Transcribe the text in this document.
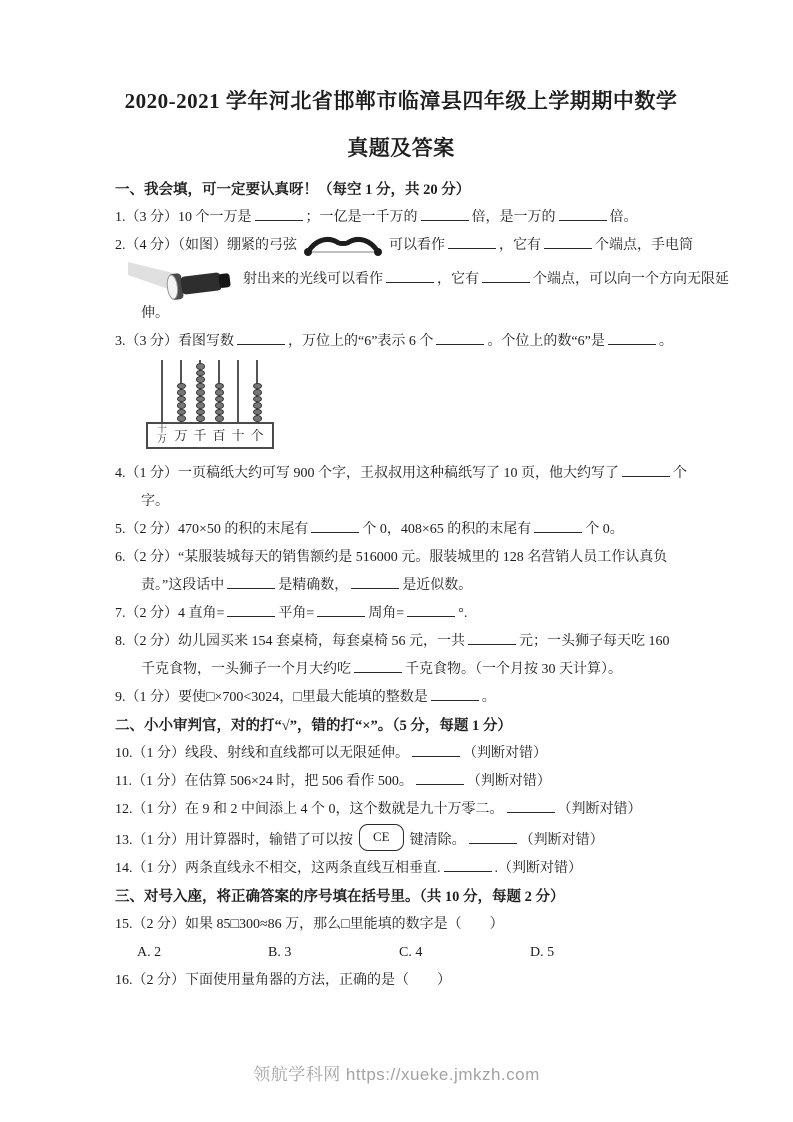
2020-2021 学年河北省邯郸市临漳县四年级上学期期中数学
真题及答案
一、我会填，可一定要认真呀！（每空 1 分，共 20 分）
1.（3 分）10 个一万是	；一亿是一千万的	倍，是一万的	倍。
2.（4 分）（如图）绷紧的弓弦	可以看作	，它有	个端点，手电筒
射出来的光线可以看作	，它有	个端点，可以向一个方向无限延
伸。
3.（3 分）看图写数	，万位上的“6”表示 6 个	。个位上的数“6”是	。
十
万 万 千 百 十 个
4.（1 分）一页稿纸大约可写 900 个字，王叔叔用这种稿纸写了 10 页，他大约写了	个
字。
5.（2 分）470×50 的积的末尾有	个 0，408×65 的积的末尾有	个 0。
6.（2 分）“某服装城每天的销售额约是 516000 元。服装城里的 128 名营销人员工作认真负
责。”这段话中	是精确数，	是近似数。
7.（2 分）4 直角=	平角=	周角=	°.
8.（2 分）幼儿园买来 154 套桌椅，每套桌椅 56 元，一共	元；一头狮子每天吃 160
千克食物，一头狮子一个月大约吃	千克食物。（一个月按 30 天计算）。
9.（1 分）要使□×700<3024，□里最大能填的整数是	。
二、小小审判官，对的打“√”，错的打“×”。（5 分，每题 1 分）
10.（1 分）线段、射线和直线都可以无限延伸。	（判断对错）
11.（1 分）在估算 506×24 时，把 506 看作 500。	（判断对错）
12.（1 分）在 9 和 2 中间添上 4 个 0，这个数就是九十万零二。	（判断对错）
13.（1 分）用计算器时，输错了可以按 CE 键清除。	（判断对错）
14.（1 分）两条直线永不相交，这两条直线互相垂直.	.（判断对错）
三、对号入座，将正确答案的序号填在括号里。（共 10 分，每题 2 分）
15.（2 分）如果 85□300≈86 万，那么□里能填的数字是（　　）
A. 2	B. 3	C. 4	D. 5
16.（2 分）下面使用量角器的方法，正确的是（　　）
领航学科网 https://xueke.jmkzh.com
